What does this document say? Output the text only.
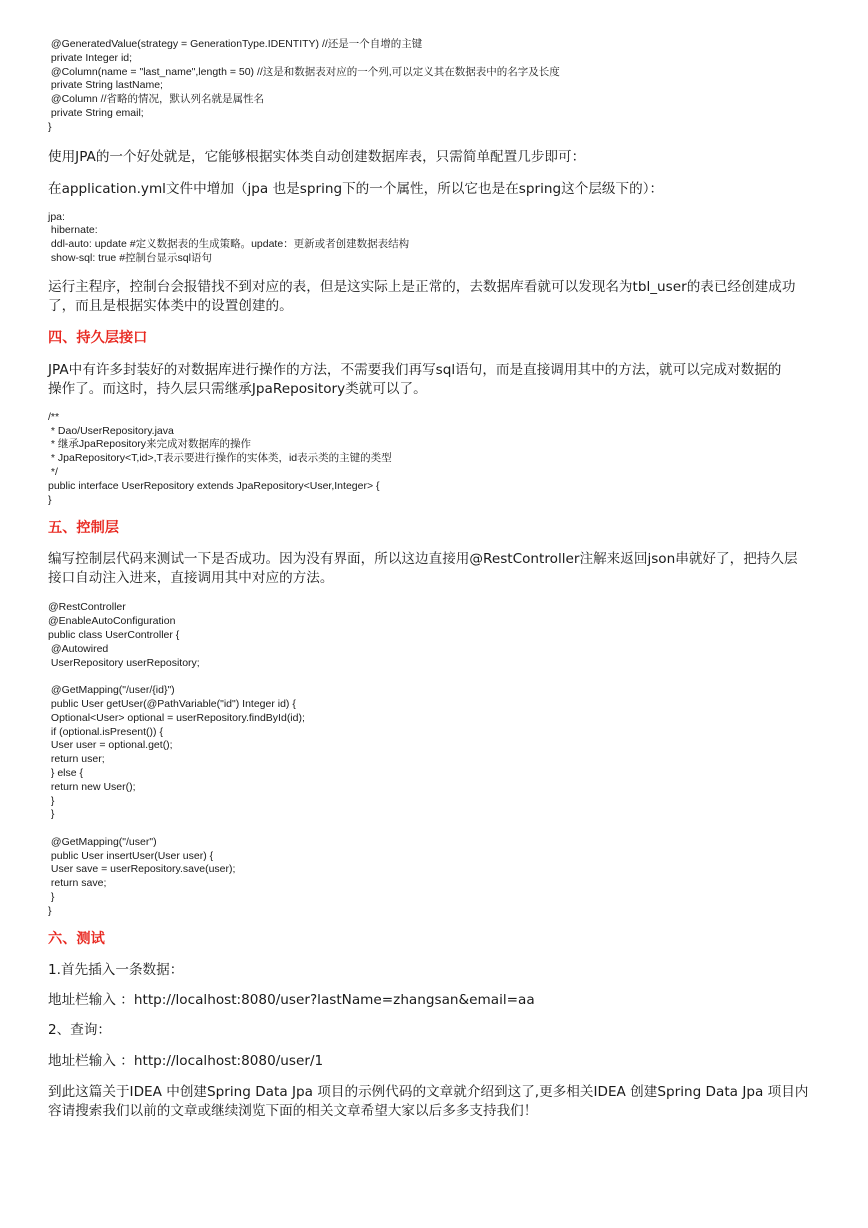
@GeneratedValue(strategy = GenerationType.IDENTITY) //还是一个自增的主键
private Integer id;
@Column(name = "last_name",length = 50) //这是和数据表对应的一个列,可以定义其在数据表中的名字及长度
private String lastName;
@Column //省略的情况，默认列名就是属性名
private String email;
}

使用JPA的一个好处就是，它能够根据实体类自动创建数据库表，只需简单配置几步即可：

在application.yml文件中增加（jpa 也是spring下的一个属性，所以它也是在spring这个层级下的）：

jpa:
hibernate:
ddl-auto: update #定义数据表的生成策略。update：更新或者创建数据表结构
show-sql: true #控制台显示sql语句

运行主程序，控制台会报错找不到对应的表，但是这实际上是正常的，去数据库看就可以发现名为tbl_user的表已经创建成功
了，而且是根据实体类中的设置创建的。

四、持久层接口

JPA中有许多封装好的对数据库进行操作的方法，不需要我们再写sql语句，而是直接调用其中的方法，就可以完成对数据的
操作了。而这时，持久层只需继承JpaRepository类就可以了。

/**
* Dao/UserRepository.java
* 继承JpaRepository来完成对数据库的操作
* JpaRepository<T,id>,T表示要进行操作的实体类，id表示类的主键的类型
*/
public interface UserRepository extends JpaRepository<User,Integer> {
}

五、控制层

编写控制层代码来测试一下是否成功。因为没有界面，所以这边直接用@RestController注解来返回json串就好了，把持久层
接口自动注入进来，直接调用其中对应的方法。

@RestController
@EnableAutoConfiguration
public class UserController {
@Autowired
UserRepository userRepository;

@GetMapping("/user/{id}")
public User getUser(@PathVariable("id") Integer id) {
Optional<User> optional = userRepository.findById(id);
if (optional.isPresent()) {
User user = optional.get();
return user;
} else {
return new User();
}
}

@GetMapping("/user")
public User insertUser(User user) {
User save = userRepository.save(user);
return save;
}
}

六、测试

1.首先插入一条数据：

地址栏输入 ：http://localhost:8080/user?lastName=zhangsan&email=aa

2、查询：

地址栏输入 ：http://localhost:8080/user/1

到此这篇关于IDEA 中创建Spring Data Jpa 项目的示例代码的文章就介绍到这了,更多相关IDEA 创建Spring Data Jpa 项目内
容请搜索我们以前的文章或继续浏览下面的相关文章希望大家以后多多支持我们！
